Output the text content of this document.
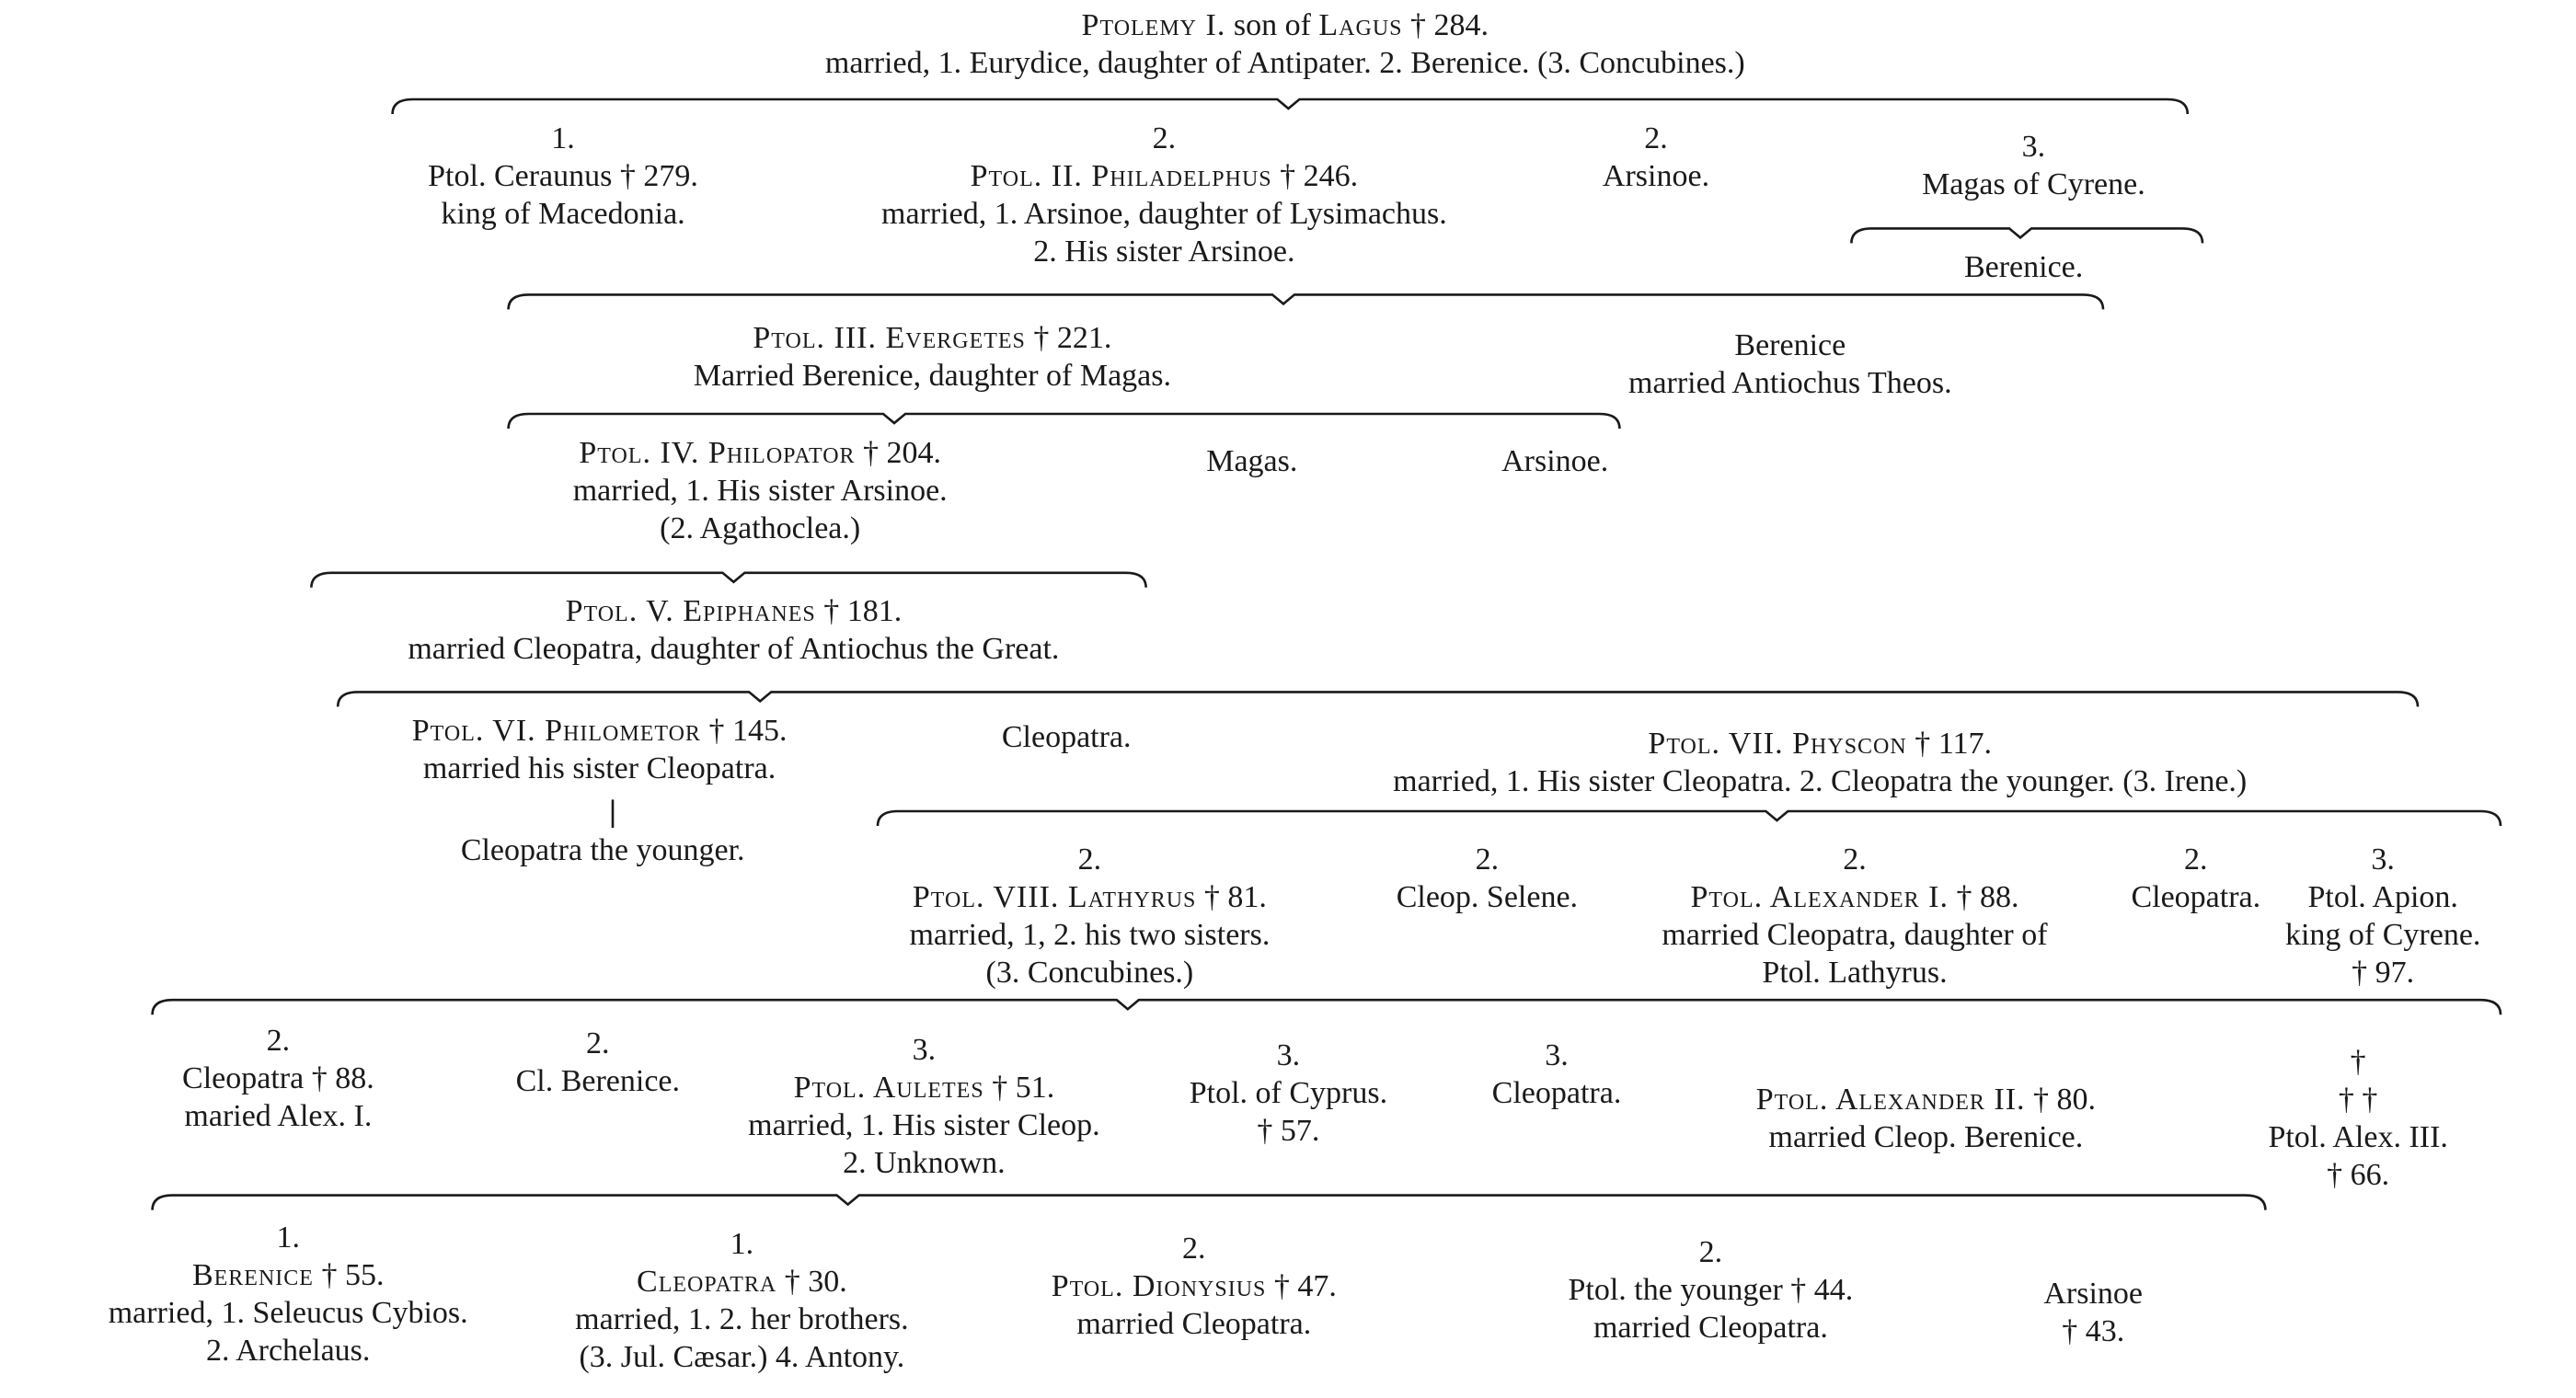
Ptolemy I. son of Lagus † 284.
married, 1. Eurydice, daughter of Antipater. 2. Berenice. (3. Concubines.)
1.
Ptol. Ceraunus † 279.
king of Macedonia.
2.
Ptol. II. Philadelphus † 246.
married, 1. Arsinoe, daughter of Lysimachus.
2. His sister Arsinoe.
2.
Arsinoe.
3.
Magas of Cyrene.
Berenice.
Ptol. III. Evergetes † 221.
Married Berenice, daughter of Magas.
Berenice
married Antiochus Theos.
Ptol. IV. Philopator † 204.
married, 1. His sister Arsinoe.
(2. Agathoclea.)
Magas.	Arsinoe.
Ptol. V. Epiphanes † 181.
married Cleopatra, daughter of Antiochus the Great.
Ptol. VI. Philometor † 145.
married his sister Cleopatra.
Cleopatra.	Ptol. VII. Physcon † 117.
married, 1. His sister Cleopatra. 2. Cleopatra the younger. (3. Irene.)
Cleopatra the younger.	2.
Ptol. VIII. Lathyrus † 81.
married, 1, 2. his two sisters.
(3. Concubines.)
2.
Cleop. Selene.
2.
Ptol. Alexander I. † 88.
married Cleopatra, daughter of
Ptol. Lathyrus.
2.
Cleopatra.
3.
Ptol. Apion.
king of Cyrene.
† 97.
2.
Cleopatra † 88.
maried Alex. I.
2.
Cl. Berenice.
3.
Ptol. Auletes † 51.
married, 1. His sister Cleop.
2. Unknown.
3.
Ptol. of Cyprus.
† 57.
3.
Cleopatra.	Ptol. Alexander II. † 80.
married Cleop. Berenice.
†
† †
Ptol. Alex. III.
† 66.
1.
Berenice † 55.
married, 1. Seleucus Cybios.
2. Archelaus.
1.
Cleopatra † 30.
married, 1. 2. her brothers.
(3. Jul. Cæsar.) 4. Antony.
2.
Ptol. Dionysius † 47.
married Cleopatra.
2.
Ptol. the younger † 44.
married Cleopatra.
Arsinoe
† 43.
